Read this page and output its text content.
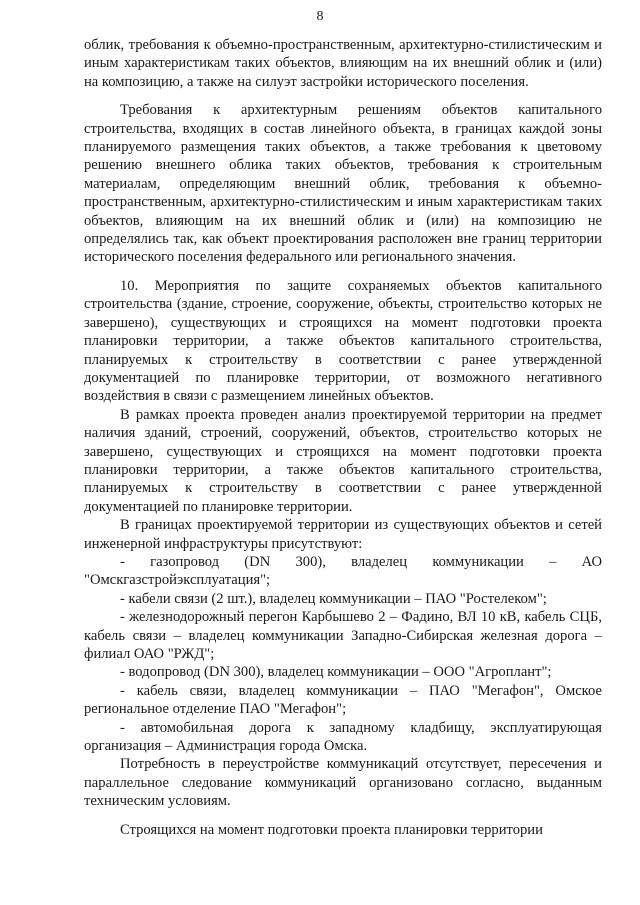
8

облик, требования к объемно-пространственным, архитектурно-стилистическим и иным характеристикам таких объектов, влияющим на их внешний облик и (или) на композицию, а также на силуэт застройки исторического поселения.

Требования к архитектурным решениям объектов капитального строительства, входящих в состав линейного объекта, в границах каждой зоны планируемого размещения таких объектов, а также требования к цветовому решению внешнего облика таких объектов, требования к строительным материалам, определяющим внешний облик, требования к объемно-пространственным, архитектурно-стилистическим и иным характеристикам таких объектов, влияющим на их внешний облик и (или) на композицию не определялись так, как объект проектирования расположен вне границ территории исторического поселения федерального или регионального значения.

10. Мероприятия по защите сохраняемых объектов капитального строительства (здание, строение, сооружение, объекты, строительство которых не завершено), существующих и строящихся на момент подготовки проекта планировки территории, а также объектов капитального строительства, планируемых к строительству в соответствии с ранее утвержденной документацией по планировке территории, от возможного негативного воздействия в связи с размещением линейных объектов.

В рамках проекта проведен анализ проектируемой территории на предмет наличия зданий, строений, сооружений, объектов, строительство которых не завершено, существующих и строящихся на момент подготовки проекта планировки территории, а также объектов капитального строительства, планируемых к строительству в соответствии с ранее утвержденной документацией по планировке территории.

В границах проектируемой территории из существующих объектов и сетей инженерной инфраструктуры присутствуют:

- газопровод (DN 300), владелец коммуникации – АО "Омскгазстройэксплуатация";

- кабели связи (2 шт.), владелец коммуникации – ПАО "Ростелеком";

- железнодорожный перегон Карбышево 2 – Фадино, ВЛ 10 кВ, кабель СЦБ, кабель связи – владелец коммуникации Западно-Сибирская железная дорога – филиал ОАО "РЖД";

- водопровод (DN 300), владелец коммуникации – ООО "Агроплант";

- кабель связи, владелец коммуникации – ПАО "Мегафон", Омское региональное отделение ПАО "Мегафон";

- автомобильная дорога к западному кладбищу, эксплуатирующая организация – Администрация города Омска.

Потребность в переустройстве коммуникаций отсутствует, пересечения и параллельное следование коммуникаций организовано согласно, выданным техническим условиям.

Строящихся на момент подготовки проекта планировки территории
